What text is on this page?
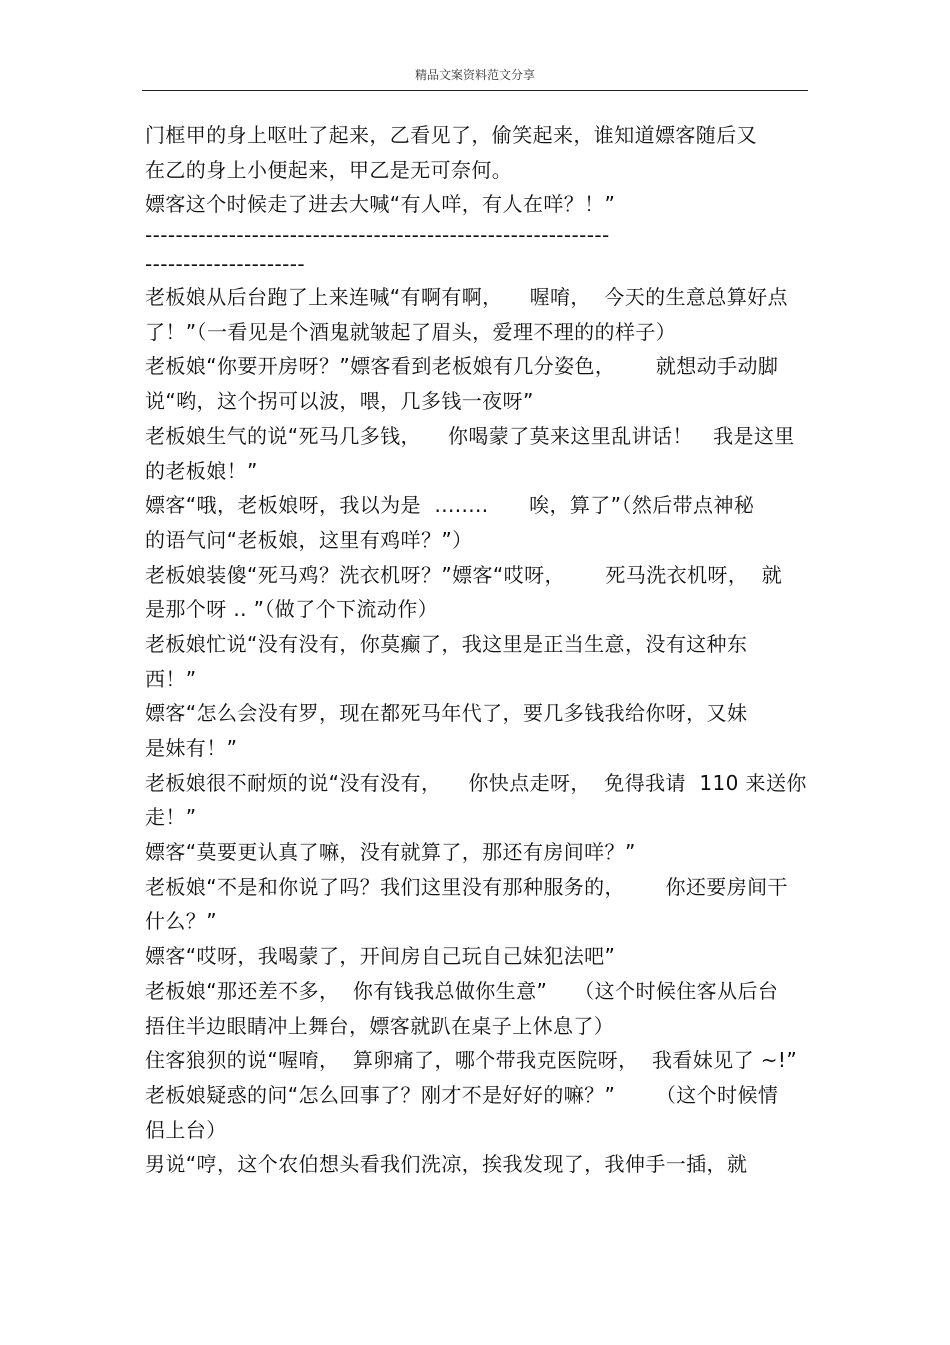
精品文案资料范文分享
门框甲的身上呕吐了起来，乙看见了，偷笑起来，谁知道嫖客随后又
在乙的身上小便起来，甲乙是无可奈何。
嫖客这个时候走了进去大喊“有人咩，有人在咩？！”
-------------------------------------------------------------
---------------------
老板娘从后台跑了上来连喊“有啊有啊，    喔唷，  今天的生意总算好点
了！”（一看见是个酒鬼就皱起了眉头，爱理不理的的样子）
老板娘“你要开房呀？”嫖客看到老板娘有几分姿色，      就想动手动脚
说“哟，这个拐可以波，喂，几多钱一夜呀”
老板娘生气的说“死马几多钱，    你喝蒙了莫来这里乱讲话！   我是这里
的老板娘！”
嫖客“哦，老板娘呀，我以为是  ........      唉，算了”（然后带点神秘
的语气问“老板娘，这里有鸡咩？”）
老板娘装傻“死马鸡？洗衣机呀？”嫖客“哎呀，      死马洗衣机呀，  就
是那个呀 .. ”（做了个下流动作）
老板娘忙说“没有没有，你莫癫了，我这里是正当生意，没有这种东
西！”
嫖客“怎么会没有罗，现在都死马年代了，要几多钱我给你呀，又妹
是妹有！”
老板娘很不耐烦的说“没有没有，    你快点走呀，  免得我请  110 来送你
走！”
嫖客“莫要更认真了嘛，没有就算了，那还有房间咩？”
老板娘“不是和你说了吗？我们这里没有那种服务的，      你还要房间干
什么？”
嫖客“哎呀，我喝蒙了，开间房自己玩自己妹犯法吧”
老板娘“那还差不多，  你有钱我总做你生意”    （这个时候住客从后台
捂住半边眼睛冲上舞台，嫖客就趴在桌子上休息了）
住客狼狈的说“喔唷，  算卵痛了，哪个带我克医院呀，  我看妹见了 ~!”
老板娘疑惑的问“怎么回事了？刚才不是好好的嘛？”      （这个时候情
侣上台）
男说“哼，这个农伯想头看我们洗凉，挨我发现了，我伸手一插，就
